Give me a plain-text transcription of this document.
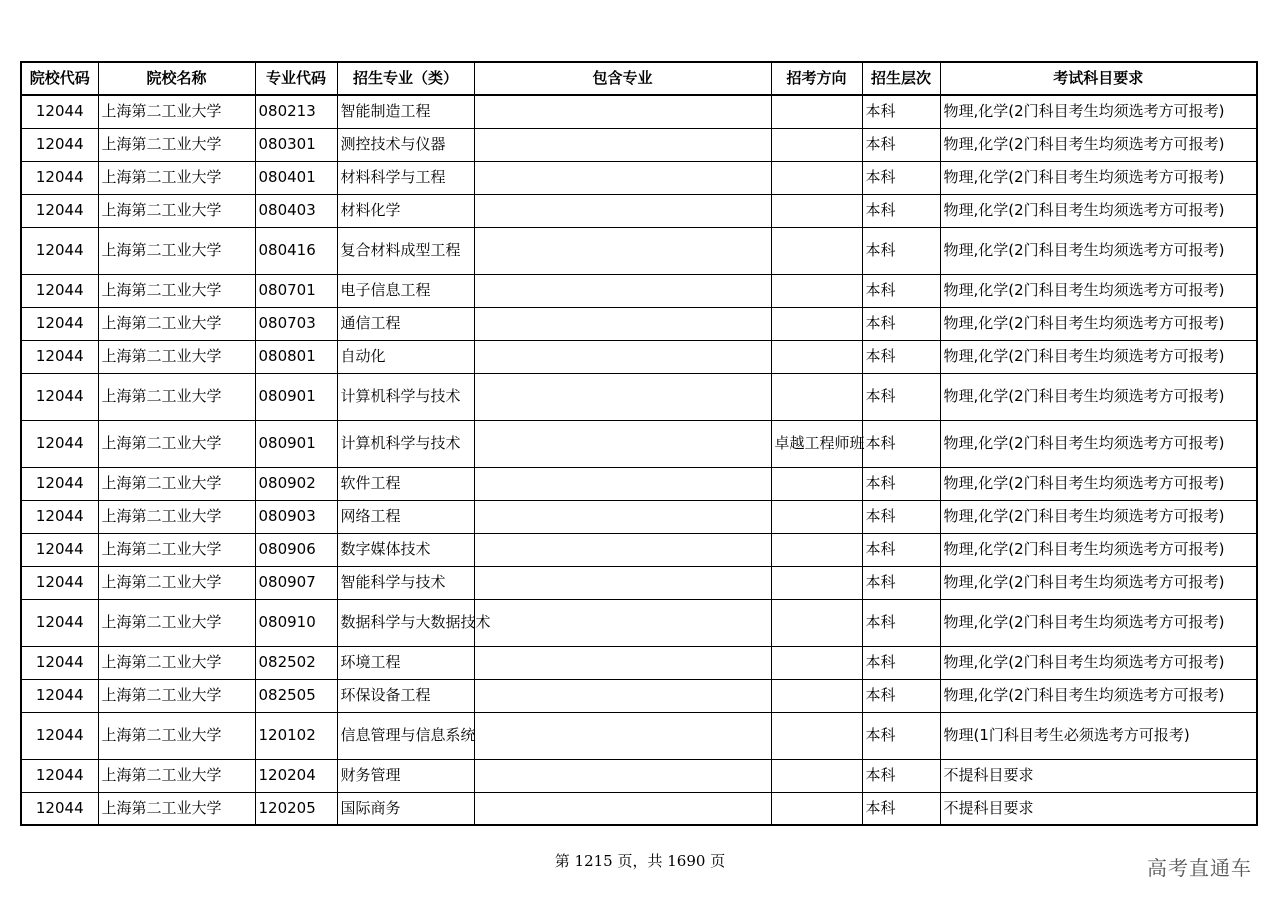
院校代码	院校名称	专业代码	招生专业（类）	包含专业	招考方向	招生层次	考试科目要求
12044	上海第二工业大学	080213	智能制造工程			本科	物理,化学(2门科目考生均须选考方可报考)
12044	上海第二工业大学	080301	测控技术与仪器			本科	物理,化学(2门科目考生均须选考方可报考)
12044	上海第二工业大学	080401	材料科学与工程			本科	物理,化学(2门科目考生均须选考方可报考)
12044	上海第二工业大学	080403	材料化学			本科	物理,化学(2门科目考生均须选考方可报考)
12044	上海第二工业大学	080416	复合材料成型工程			本科	物理,化学(2门科目考生均须选考方可报考)
12044	上海第二工业大学	080701	电子信息工程			本科	物理,化学(2门科目考生均须选考方可报考)
12044	上海第二工业大学	080703	通信工程			本科	物理,化学(2门科目考生均须选考方可报考)
12044	上海第二工业大学	080801	自动化			本科	物理,化学(2门科目考生均须选考方可报考)
12044	上海第二工业大学	080901	计算机科学与技术			本科	物理,化学(2门科目考生均须选考方可报考)
12044	上海第二工业大学	080901	计算机科学与技术		卓越工程师班	本科	物理,化学(2门科目考生均须选考方可报考)
12044	上海第二工业大学	080902	软件工程			本科	物理,化学(2门科目考生均须选考方可报考)
12044	上海第二工业大学	080903	网络工程			本科	物理,化学(2门科目考生均须选考方可报考)
12044	上海第二工业大学	080906	数字媒体技术			本科	物理,化学(2门科目考生均须选考方可报考)
12044	上海第二工业大学	080907	智能科学与技术			本科	物理,化学(2门科目考生均须选考方可报考)
12044	上海第二工业大学	080910	数据科学与大数据技术			本科	物理,化学(2门科目考生均须选考方可报考)
12044	上海第二工业大学	082502	环境工程			本科	物理,化学(2门科目考生均须选考方可报考)
12044	上海第二工业大学	082505	环保设备工程			本科	物理,化学(2门科目考生均须选考方可报考)
12044	上海第二工业大学	120102	信息管理与信息系统			本科	物理(1门科目考生必须选考方可报考)
12044	上海第二工业大学	120204	财务管理			本科	不提科目要求
12044	上海第二工业大学	120205	国际商务			本科	不提科目要求
第 1215 页，共 1690 页	高考直通车
